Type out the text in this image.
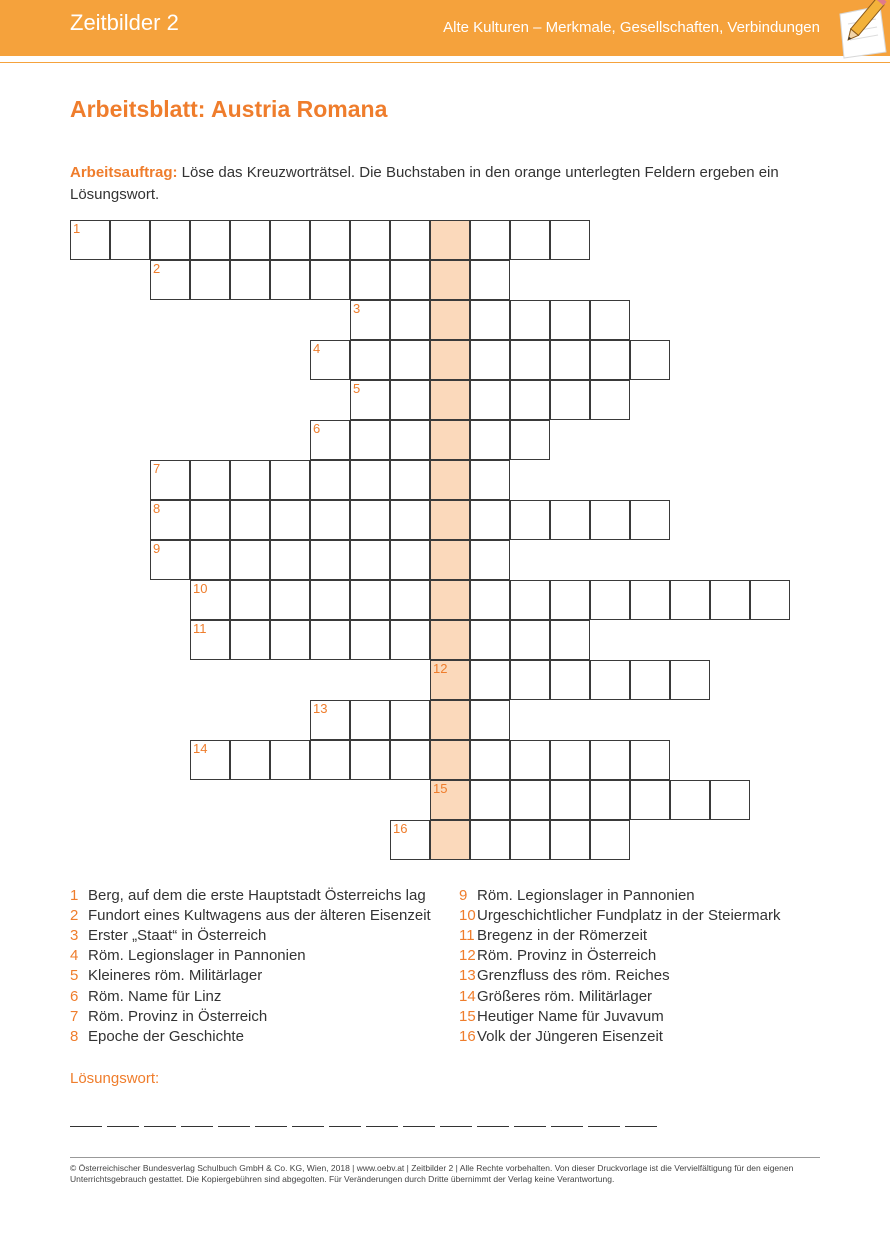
Zeitbilder 2	Alte Kulturen – Merkmale, Gesellschaften, Verbindungen
Arbeitsblatt: Austria Romana
Arbeitsauftrag: Löse das Kreuzworträtsel. Die Buchstaben in den orange unterlegten Feldern ergeben ein Lösungswort.
1
2
3
4
5
6
7
8
9
10
11
12
13
14
15
16
1 Berg, auf dem die erste Hauptstadt Österreichs lag
2 Fundort eines Kultwagens aus der älteren Eisenzeit
3 Erster „Staat“ in Österreich
4 Röm. Legionslager in Pannonien
5 Kleineres röm. Militärlager
6 Röm. Name für Linz
7 Röm. Provinz in Österreich
8 Epoche der Geschichte
9 Röm. Legionslager in Pannonien
10Urgeschichtlicher Fundplatz in der Steiermark
11 Bregenz in der Römerzeit
12Röm. Provinz in Österreich
13Grenzfluss des röm. Reiches
14Größeres röm. Militärlager
15Heutiger Name für Juvavum
16Volk der Jüngeren Eisenzeit
Lösungswort:
© Österreichischer Bundesverlag Schulbuch GmbH & Co. KG, Wien, 2018 | www.oebv.at | Zeitbilder 2 | Alle Rechte vorbehalten. Von dieser Druckvorlage ist die Vervielfältigung für den eigenen Unterrichtsgebrauch gestattet. Die Kopiergebühren sind abgegolten. Für Veränderungen durch Dritte übernimmt der Verlag keine Verantwortung.
